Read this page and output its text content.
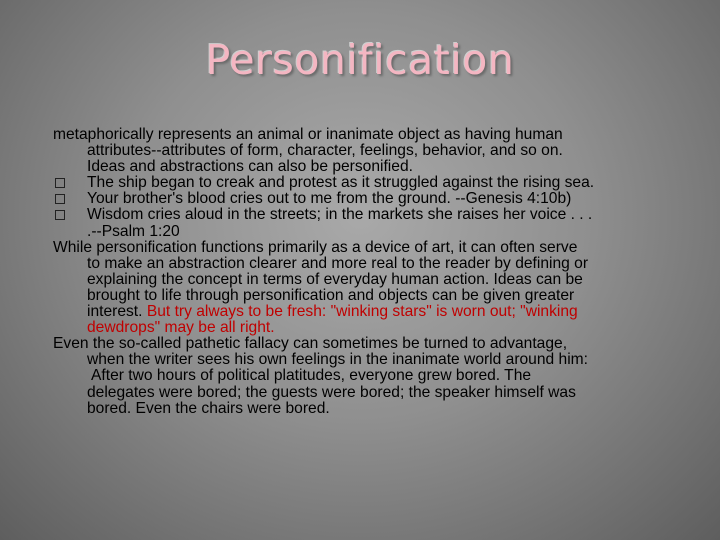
Personification
metaphorically represents an animal or inanimate object as having human
attributes--attributes of form, character, feelings, behavior, and so on.
Ideas and abstractions can also be personified.
The ship began to creak and protest as it struggled against the rising sea.
Your brother's blood cries out to me from the ground. --Genesis 4:10b)
Wisdom cries aloud in the streets; in the markets she raises her voice . . .
.--Psalm 1:20
While personification functions primarily as a device of art, it can often serve
to make an abstraction clearer and more real to the reader by defining or
explaining the concept in terms of everyday human action. Ideas can be
brought to life through personification and objects can be given greater
interest. But try always to be fresh: "winking stars" is worn out; "winking
dewdrops" may be all right.
Even the so-called pathetic fallacy can sometimes be turned to advantage,
when the writer sees his own feelings in the inanimate world around him:
After two hours of political platitudes, everyone grew bored. The
delegates were bored; the guests were bored; the speaker himself was
bored. Even the chairs were bored.
